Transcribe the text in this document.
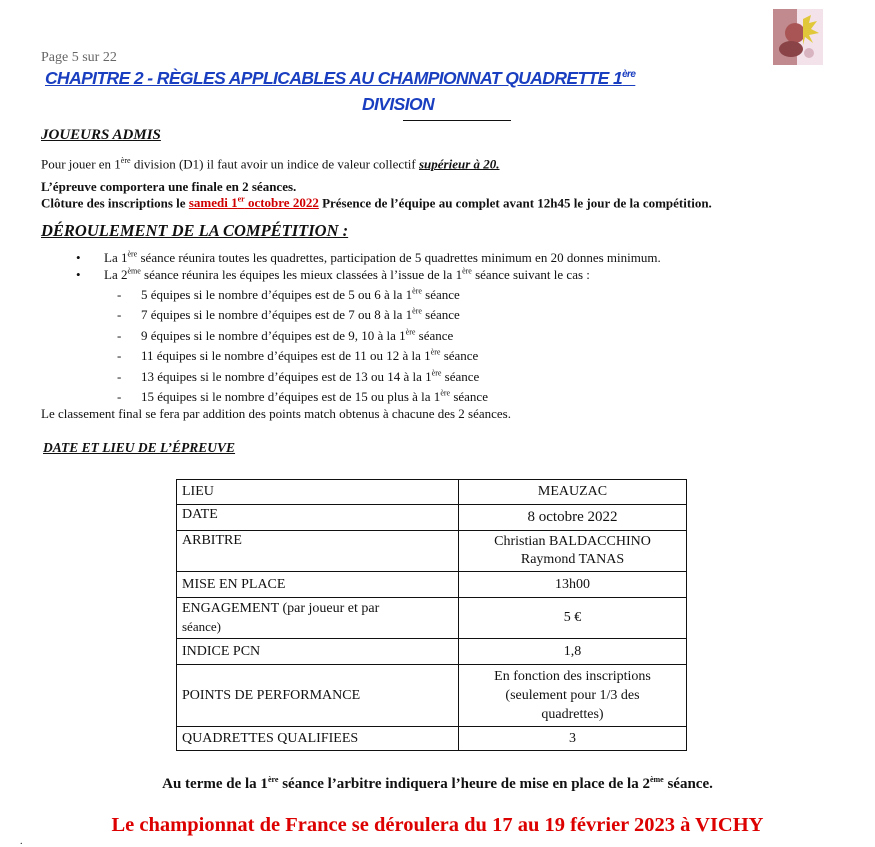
Page 5 sur 22
CHAPITRE 2 - RÈGLES APPLICABLES AU CHAMPIONNAT QUADRETTE 1ère
DIVISION
JOUEURS ADMIS
Pour jouer en 1ère division (D1) il faut avoir un indice de valeur collectif supérieur à 20.
L’épreuve comportera une finale en 2 séances.
Clôture des inscriptions le samedi 1er octobre 2022 Présence de l’équipe au complet avant 12h45 le jour de la compétition.
DÉROULEMENT DE LA COMPÉTITION :
• La 1ère séance réunira toutes les quadrettes, participation de 5 quadrettes minimum en 20 donnes minimum.
• La 2ème séance réunira les équipes les mieux classées à l’issue de la 1ère séance suivant le cas :
- 5 équipes si le nombre d’équipes est de 5 ou 6 à la 1ère séance
- 7 équipes si le nombre d’équipes est de 7 ou 8 à la 1ère séance
- 9 équipes si le nombre d’équipes est de 9, 10 à la 1ère séance
- 11 équipes si le nombre d’équipes est de 11 ou 12 à la 1ère séance
- 13 équipes si le nombre d’équipes est de 13 ou 14 à la 1ère séance
- 15 équipes si le nombre d’équipes est de 15 ou plus à la 1ère séance
Le classement final se fera par addition des points match obtenus à chacune des 2 séances.
DATE ET LIEU DE L’ÉPREUVE
LIEU	MEAUZAC
DATE	8 octobre 2022
ARBITRE	Christian BALDACCHINO
Raymond TANAS

MISE EN PLACE	13h00

ENGAGEMENT (par joueur et par
séance)	5 €
INDICE PCN	1,8
POINTS DE PERFORMANCE	En fonction des inscriptions
(seulement pour 1/3 des
quadrettes)

QUADRETTES QUALIFIEES	3
Au terme de la 1ère séance l’arbitre indiquera l’heure de mise en place de la 2ème séance.
Le championnat de France se déroulera du 17 au 19 février 2023 à VICHY
.
